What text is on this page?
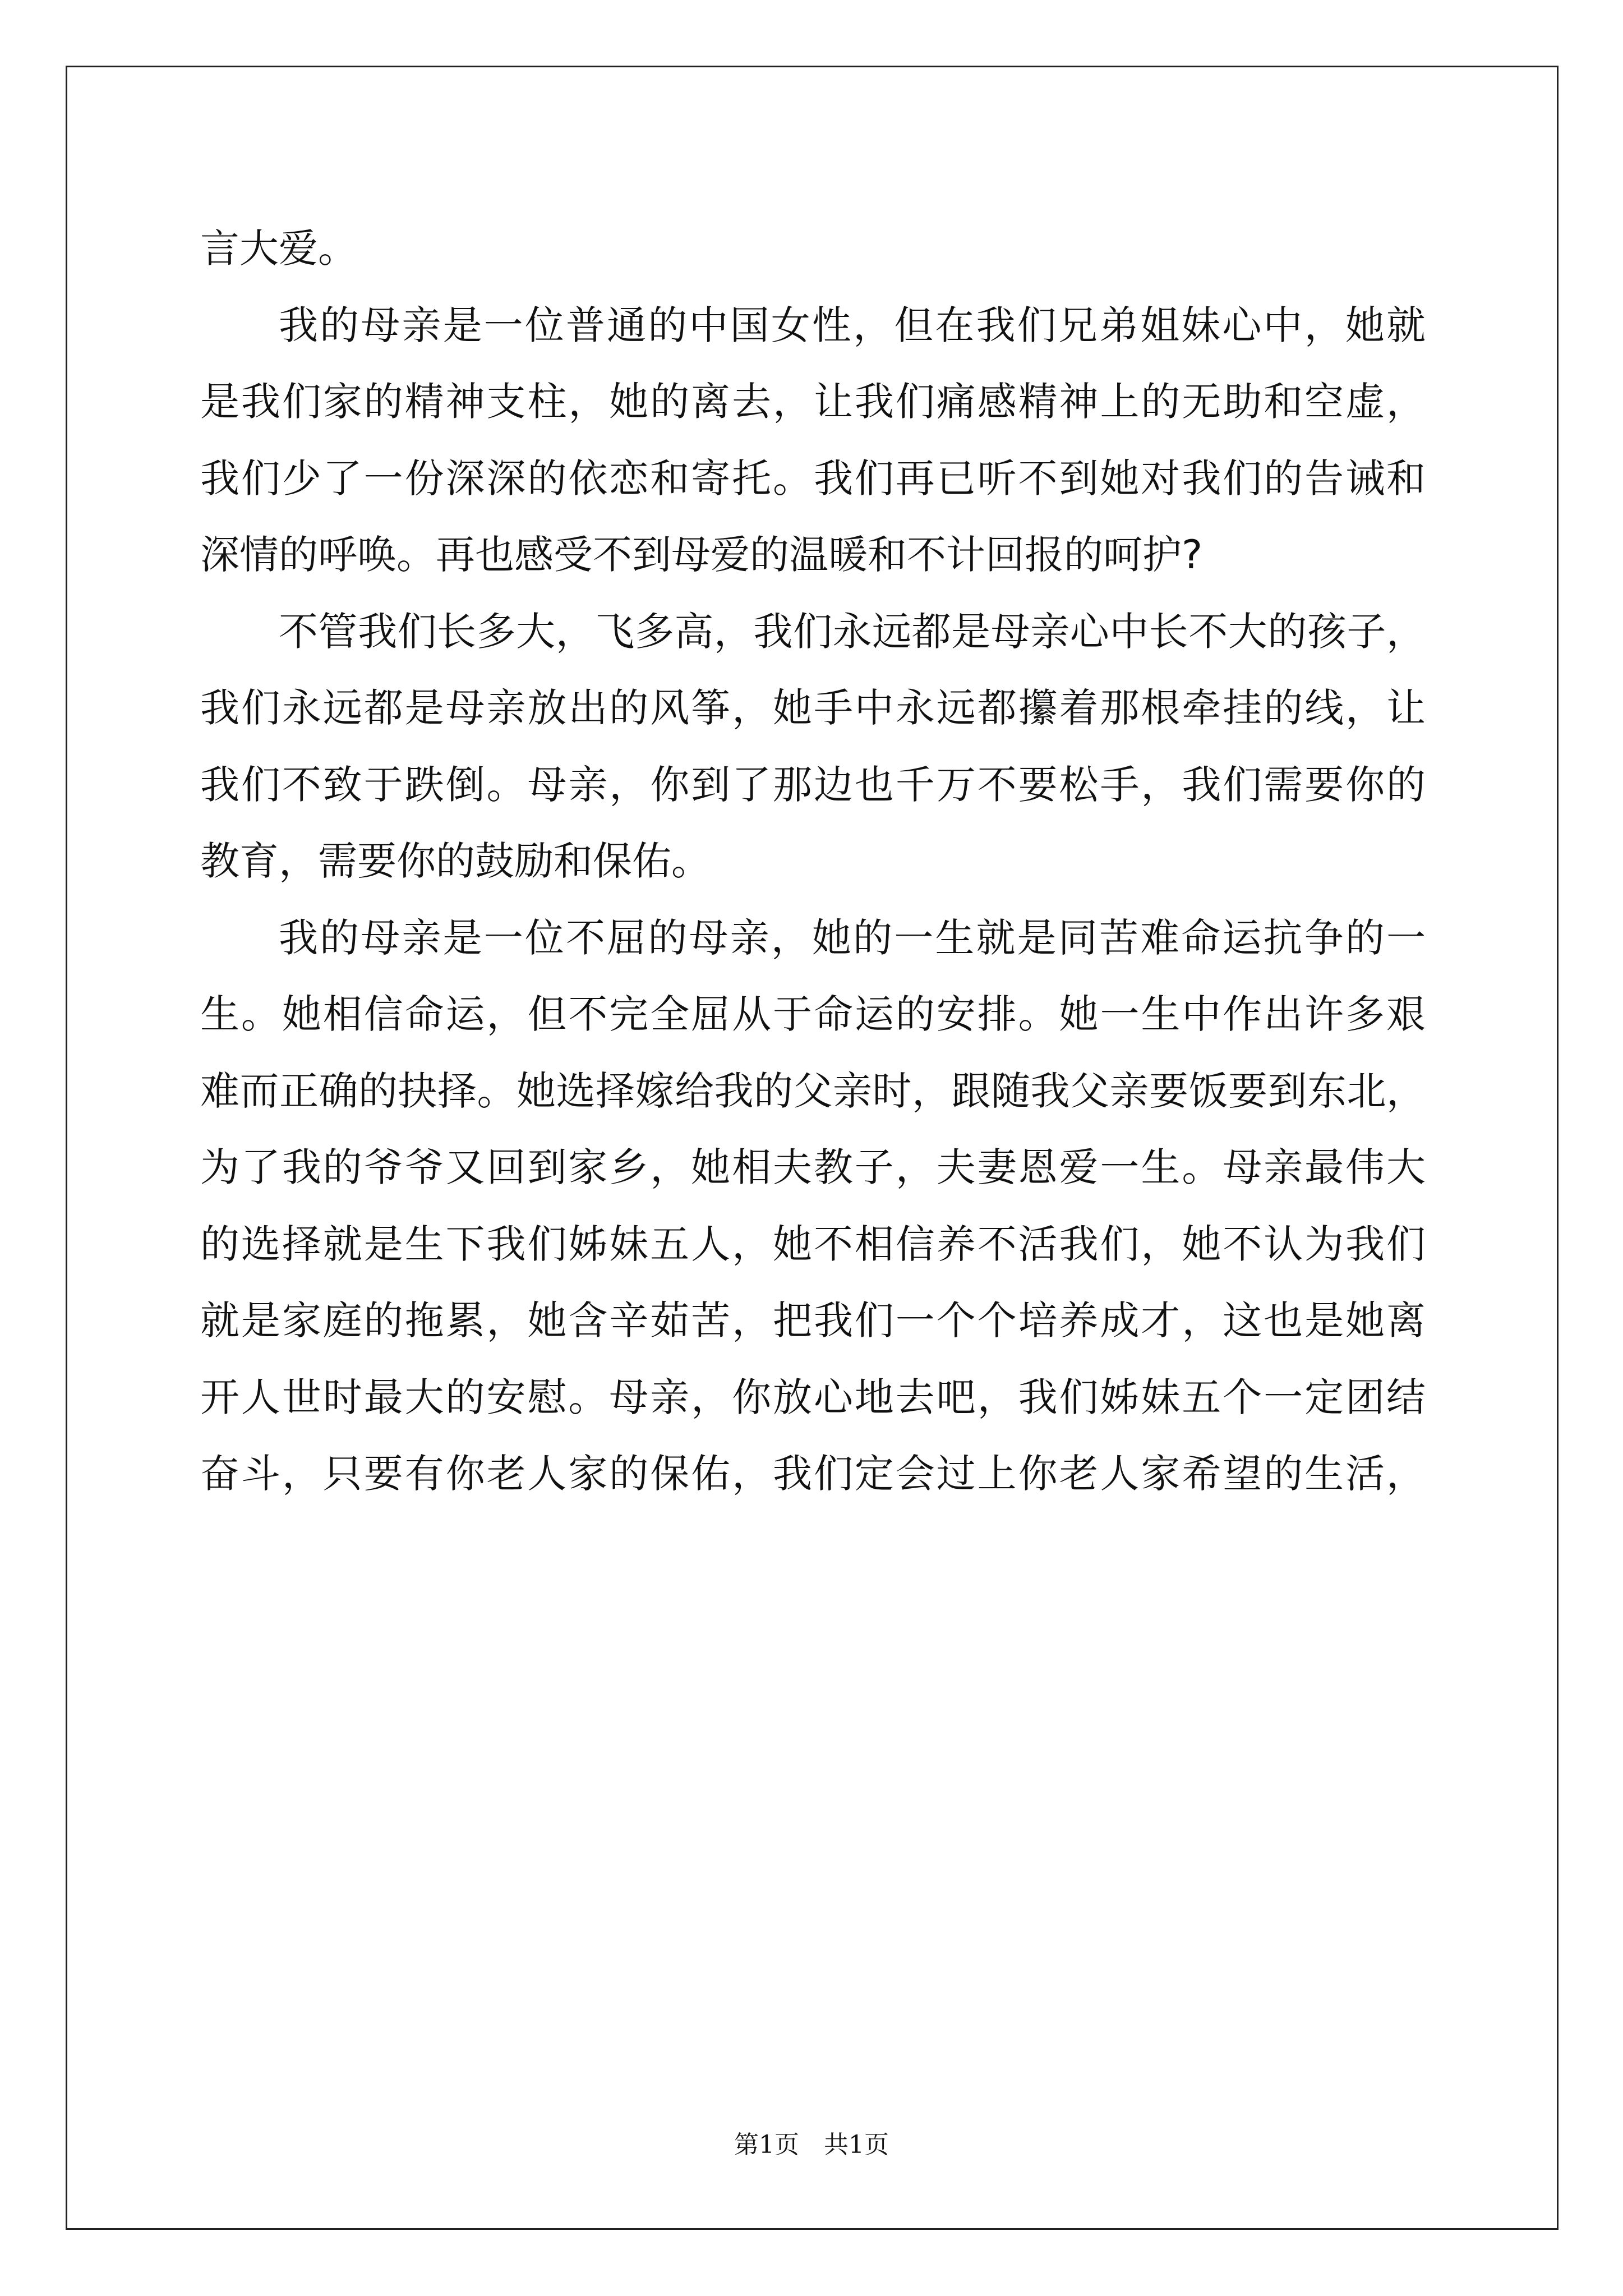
言大爱。
我的母亲是一位普通的中国女性，但在我们兄弟姐妹心中，她就
是我们家的精神支柱，她的离去，让我们痛感精神上的无助和空虚，
我们少了一份深深的依恋和寄托。我们再已听不到她对我们的告诫和
深情的呼唤。再也感受不到母爱的温暖和不计回报的呵护?
不管我们长多大，飞多高，我们永远都是母亲心中长不大的孩子，
我们永远都是母亲放出的风筝，她手中永远都攥着那根牵挂的线，让
我们不致于跌倒。母亲，你到了那边也千万不要松手，我们需要你的
教育，需要你的鼓励和保佑。
我的母亲是一位不屈的母亲，她的一生就是同苦难命运抗争的一
生。她相信命运，但不完全屈从于命运的安排。她一生中作出许多艰
难而正确的抉择。她选择嫁给我的父亲时，跟随我父亲要饭要到东北，
为了我的爷爷又回到家乡，她相夫教子，夫妻恩爱一生。母亲最伟大
的选择就是生下我们姊妹五人，她不相信养不活我们，她不认为我们
就是家庭的拖累，她含辛茹苦，把我们一个个培养成才，这也是她离
开人世时最大的安慰。母亲，你放心地去吧，我们姊妹五个一定团结
奋斗，只要有你老人家的保佑，我们定会过上你老人家希望的生活，
第1页　共1页
